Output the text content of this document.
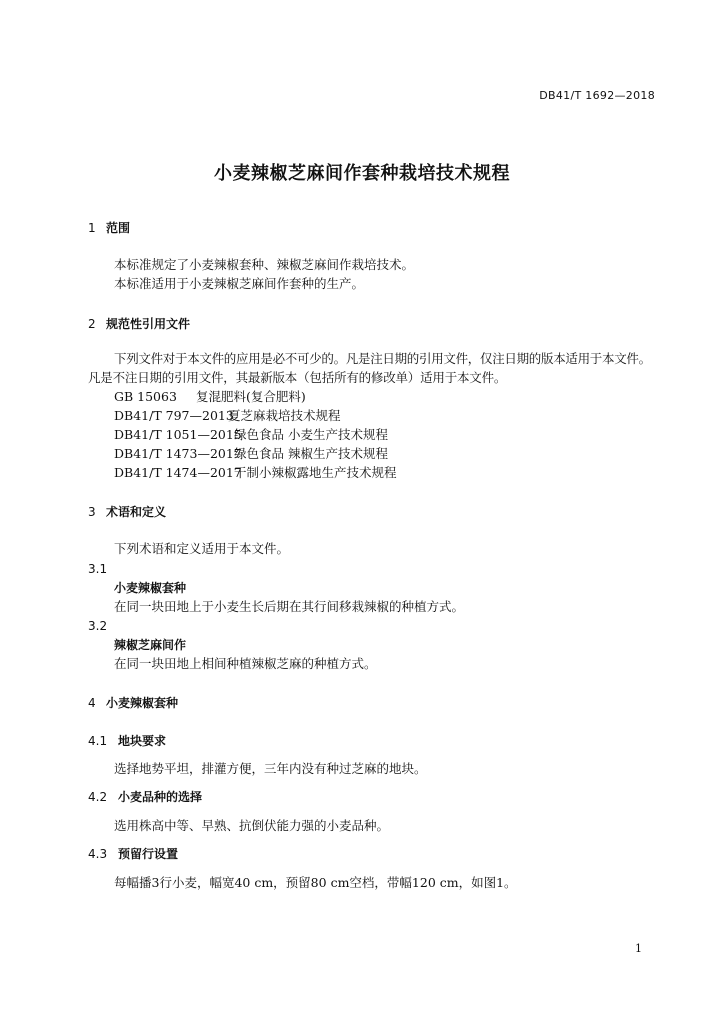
DB41/T 1692—2018
小麦辣椒芝麻间作套种栽培技术规程
1 范围
本标准规定了小麦辣椒套种、辣椒芝麻间作栽培技术。
本标准适用于小麦辣椒芝麻间作套种的生产。
2 规范性引用文件
下列文件对于本文件的应用是必不可少的。凡是注日期的引用文件，仅注日期的版本适用于本文件。
凡是不注日期的引用文件，其最新版本（包括所有的修改单）适用于本文件。
GB 15063 复混肥料(复合肥料)
DB41/T 797—2013夏芝麻栽培技术规程
DB41/T 1051—2015绿色食品 小麦生产技术规程
DB41/T 1473—2017绿色食品 辣椒生产技术规程
DB41/T 1474—2017干制小辣椒露地生产技术规程
3 术语和定义
下列术语和定义适用于本文件。
3.1
小麦辣椒套种
在同一块田地上于小麦生长后期在其行间移栽辣椒的种植方式。
3.2
辣椒芝麻间作
在同一块田地上相间种植辣椒芝麻的种植方式。
4 小麦辣椒套种
4.1 地块要求
选择地势平坦，排灌方便，三年内没有种过芝麻的地块。
4.2 小麦品种的选择
选用株高中等、早熟、抗倒伏能力强的小麦品种。
4.3 预留行设置
每幅播3行小麦，幅宽40 cm，预留80 cm空档，带幅120 cm，如图1。
1
